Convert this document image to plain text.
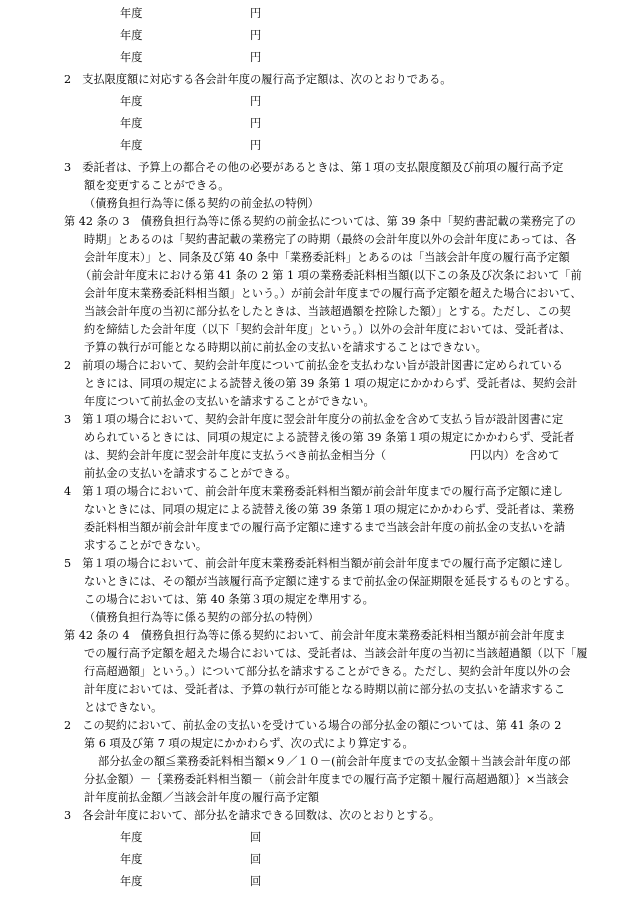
年度	円
年度	円
年度	円
2　支払限度額に対応する各会計年度の履行高予定額は、次のとおりである。
年度	円
年度	円
年度	円
3　委託者は、予算上の都合その他の必要があるときは、第１項の支払限度額及び前項の履行高予定
額を変更することができる。
（債務負担行為等に係る契約の前金払の特例）
第 42 条の 3　債務負担行為等に係る契約の前金払については、第 39 条中「契約書記載の業務完了の
時期」とあるのは「契約書記載の業務完了の時期（最終の会計年度以外の会計年度にあっては、各
会計年度末）」と、同条及び第 40 条中「業務委託料」とあるのは「当該会計年度の履行高予定額
（前会計年度末における第 41 条の 2 第 1 項の業務委託料相当額(以下この条及び次条において「前
会計年度末業務委託料相当額」という。）が前会計年度までの履行高予定額を超えた場合において、
当該会計年度の当初に部分払をしたときは、当該超過額を控除した額）」とする。ただし、この契
約を締結した会計年度（以下「契約会計年度」という。）以外の会計年度においては、受託者は、
予算の執行が可能となる時期以前に前払金の支払いを請求することはできない。
2　前項の場合において、契約会計年度について前払金を支払わない旨が設計図書に定められている
ときには、同項の規定による読替え後の第 39 条第 1 項の規定にかかわらず、受託者は、契約会計
年度について前払金の支払いを請求することができない。
3　第１項の場合において、契約会計年度に翌会計年度分の前払金を含めて支払う旨が設計図書に定
められているときには、同項の規定による読替え後の第 39 条第１項の規定にかかわらず、受託者
は、契約会計年度に翌会計年度に支払うべき前払金相当分（	円以内）を含めて
前払金の支払いを請求することができる。
4　第１項の場合において、前会計年度末業務委託料相当額が前会計年度までの履行高予定額に達し
ないときには、同項の規定による読替え後の第 39 条第１項の規定にかかわらず、受託者は、業務
委託料相当額が前会計年度までの履行高予定額に達するまで当該会計年度の前払金の支払いを請
求することができない。
5　第１項の場合において、前会計年度末業務委託料相当額が前会計年度までの履行高予定額に達し
ないときには、その額が当該履行高予定額に達するまで前払金の保証期限を延長するものとする。
この場合においては、第 40 条第３項の規定を準用する。
（債務負担行為等に係る契約の部分払の特例）
第 42 条の 4　債務負担行為等に係る契約において、前会計年度末業務委託料相当額が前会計年度ま
での履行高予定額を超えた場合においては、受託者は、当該会計年度の当初に当該超過額（以下「履
行高超過額」という。）について部分払を請求することができる。ただし、契約会計年度以外の会
計年度においては、受託者は、予算の執行が可能となる時期以前に部分払の支払いを請求するこ
とはできない。
2　この契約において、前払金の支払いを受けている場合の部分払金の額については、第 41 条の 2
第 6 項及び第 7 項の規定にかかわらず、次の式により算定する。
部分払金の額≦業務委託料相当額×９／１０－(前会計年度までの支払金額＋当該会計年度の部
分払金額）－｛業務委託料相当額－（前会計年度までの履行高予定額＋履行高超過額）｝×当該会
計年度前払金額／当該会計年度の履行高予定額
3　各会計年度において、部分払を請求できる回数は、次のとおりとする。
年度	回
年度	回
年度	回
